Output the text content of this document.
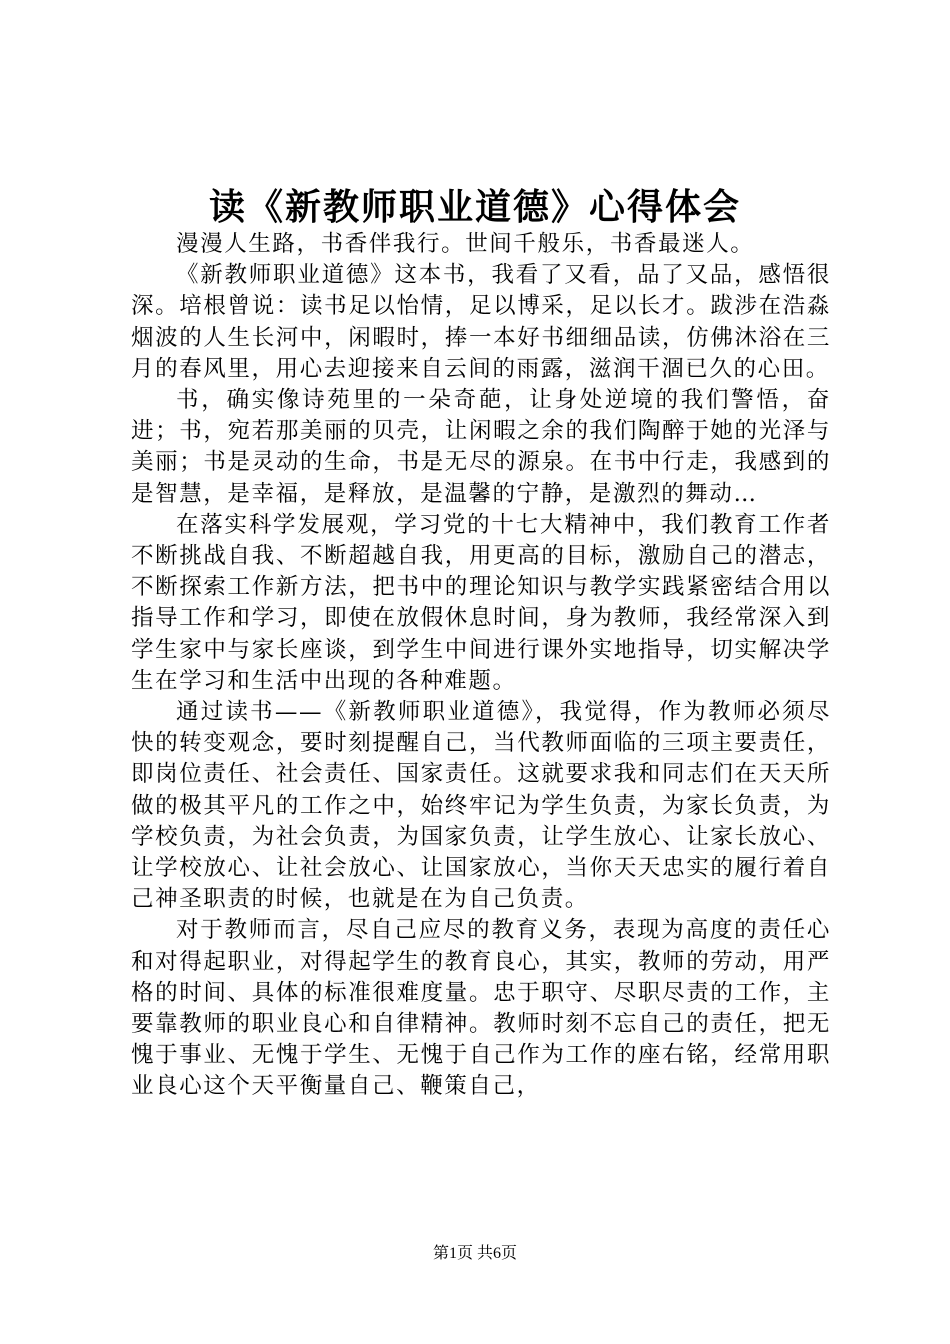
读《新教师职业道德》心得体会

漫漫人生路，书香伴我行。世间千般乐，书香最迷人。

《新教师职业道德》这本书，我看了又看，品了又品，感悟很深。培根曾说：读书足以怡情，足以博采，足以长才。跋涉在浩淼烟波的人生长河中，闲暇时，捧一本好书细细品读，仿佛沐浴在三月的春风里，用心去迎接来自云间的雨露，滋润干涸已久的心田。

书，确实像诗苑里的一朵奇葩，让身处逆境的我们警悟，奋进；书，宛若那美丽的贝壳，让闲暇之余的我们陶醉于她的光泽与美丽；书是灵动的生命，书是无尽的源泉。在书中行走，我感到的是智慧，是幸福，是释放，是温馨的宁静，是激烈的舞动…

在落实科学发展观，学习党的十七大精神中，我们教育工作者不断挑战自我、不断超越自我，用更高的目标，激励自己的潜志，不断探索工作新方法，把书中的理论知识与教学实践紧密结合用以指导工作和学习，即使在放假休息时间，身为教师，我经常深入到学生家中与家长座谈，到学生中间进行课外实地指导，切实解决学生在学习和生活中出现的各种难题。

通过读书——《新教师职业道德》，我觉得，作为教师必须尽快的转变观念，要时刻提醒自己，当代教师面临的三项主要责任，即岗位责任、社会责任、国家责任。这就要求我和同志们在天天所做的极其平凡的工作之中，始终牢记为学生负责，为家长负责，为学校负责，为社会负责，为国家负责，让学生放心、让家长放心、让学校放心、让社会放心、让国家放心，当你天天忠实的履行着自己神圣职责的时候，也就是在为自己负责。

对于教师而言，尽自己应尽的教育义务，表现为高度的责任心和对得起职业，对得起学生的教育良心，其实，教师的劳动，用严格的时间、具体的标准很难度量。忠于职守、尽职尽责的工作，主要靠教师的职业良心和自律精神。教师时刻不忘自己的责任，把无愧于事业、无愧于学生、无愧于自己作为工作的座右铭，经常用职业良心这个天平衡量自己、鞭策自己，

第1页 共6页
